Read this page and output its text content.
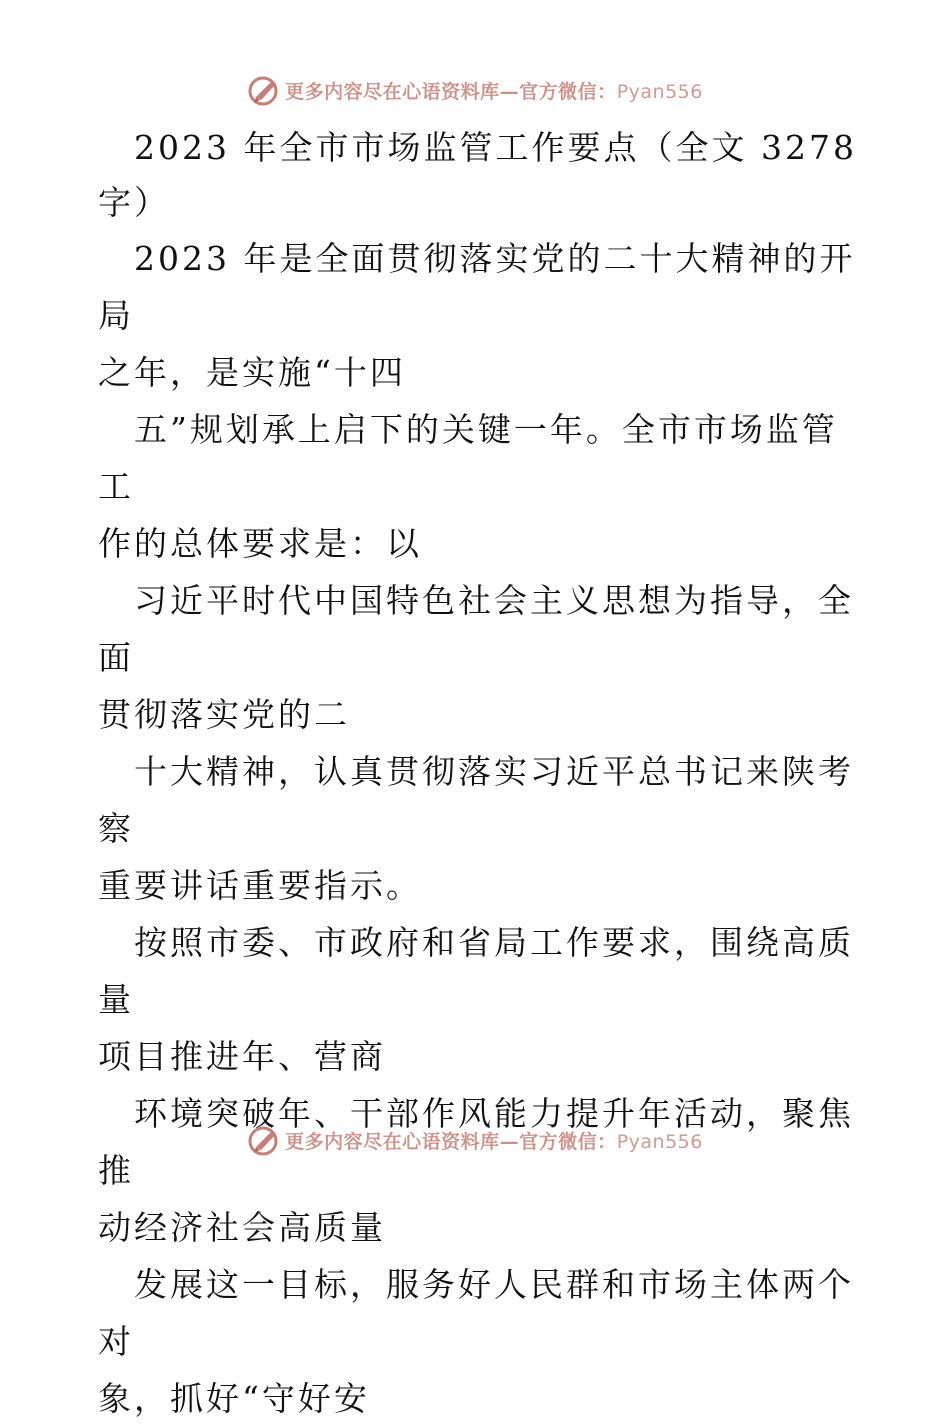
更多内容尽在心语资料库—官方微信：Pyan556

2023 年全市市场监管工作要点（全文 3278
字）

2023 年是全面贯彻落实党的二十大精神的开局
之年，是实施“十四

五”规划承上启下的关键一年。全市市场监管工
作的总体要求是：以

习近平时代中国特色社会主义思想为指导，全面
贯彻落实党的二

十大精神，认真贯彻落实习近平总书记来陕考察
重要讲话重要指示。

按照市委、市政府和省局工作要求，围绕高质量
项目推进年、营商

环境突破年、干部作风能力提升年活动，聚焦推
动经济社会高质量

发展这一目标，服务好人民群和市场主体两个对
象，抓好“守好安

更多内容尽在心语资料库—官方微信：Pyan556
